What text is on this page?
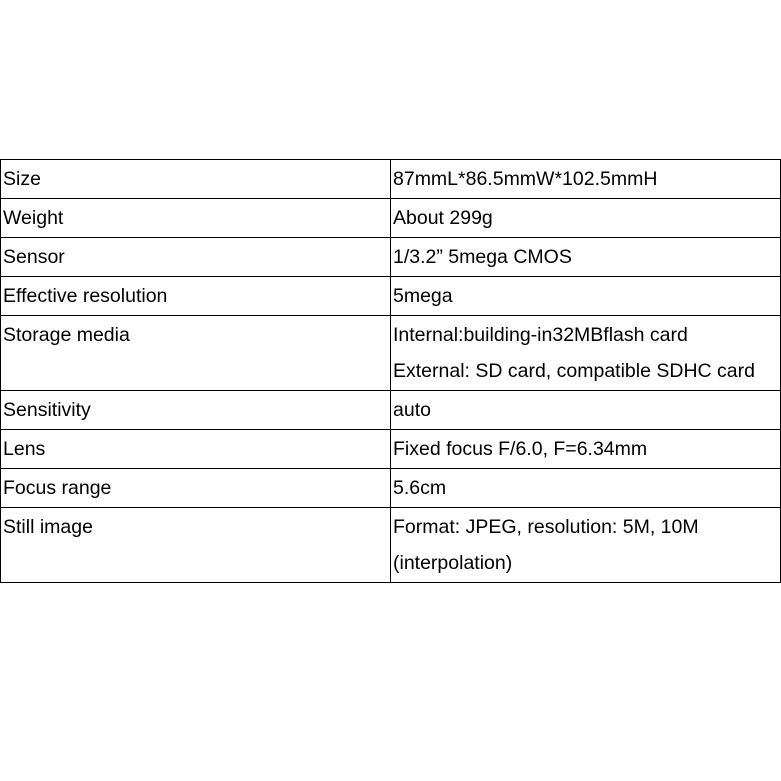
Size	87mmL*86.5mmW*102.5mmH

Weight	About 299g

Sensor	1/3.2” 5mega CMOS

Effective resolution	5mega

Storage media	Internal:building-in32MBflash card
External: SD card, compatible SDHC card

Sensitivity	auto

Lens	Fixed focus F/6.0, F=6.34mm

Focus range	5.6cm

Still image	Format: JPEG, resolution: 5M, 10M (interpolation)
